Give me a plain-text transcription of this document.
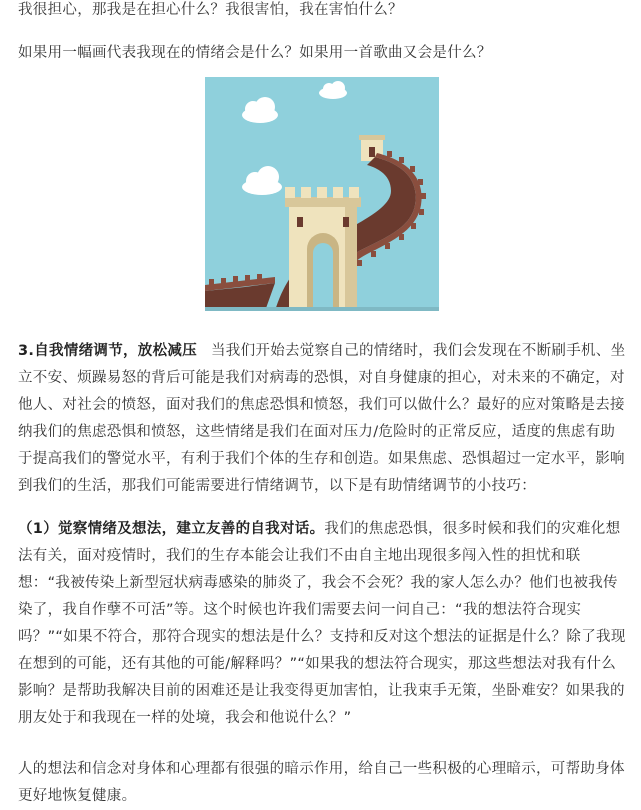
我很担心，那我是在担心什么？我很害怕，我在害怕什么？

如果用一幅画代表我现在的情绪会是什么？如果用一首歌曲又会是什么？

3.自我情绪调节，放松减压 当我们开始去觉察自己的情绪时，我们会发现在不断刷手机、坐立不安、烦躁易怒的背后可能是我们对病毒的恐惧，对自身健康的担心，对未来的不确定，对他人、对社会的愤怒，面对我们的焦虑恐惧和愤怒，我们可以做什么？最好的应对策略是去接纳我们的焦虑恐惧和愤怒，这些情绪是我们在面对压力/危险时的正常反应，适度的焦虑有助于提高我们的警觉水平，有利于我们个体的生存和创造。如果焦虑、恐惧超过一定水平，影响到我们的生活，那我们可能需要进行情绪调节，以下是有助情绪调节的小技巧：

（1）觉察情绪及想法，建立友善的自我对话。我们的焦虑恐惧，很多时候和我们的灾难化想法有关，面对疫情时，我们的生存本能会让我们不由自主地出现很多闯入性的担忧和联想：“我被传染上新型冠状病毒感染的肺炎了，我会不会死？我的家人怎么办？他们也被我传染了，我自作孽不可活”等。这个时候也许我们需要去问一问自己：“我的想法符合现实吗？”“如果不符合，那符合现实的想法是什么？支持和反对这个想法的证据是什么？除了我现在想到的可能，还有其他的可能/解释吗？”“如果我的想法符合现实，那这些想法对我有什么影响？是帮助我解决目前的困难还是让我变得更加害怕，让我束手无策，坐卧难安？如果我的朋友处于和我现在一样的处境，我会和他说什么？”

人的想法和信念对身体和心理都有很强的暗示作用，给自己一些积极的心理暗示，可帮助身体更好地恢复健康。
